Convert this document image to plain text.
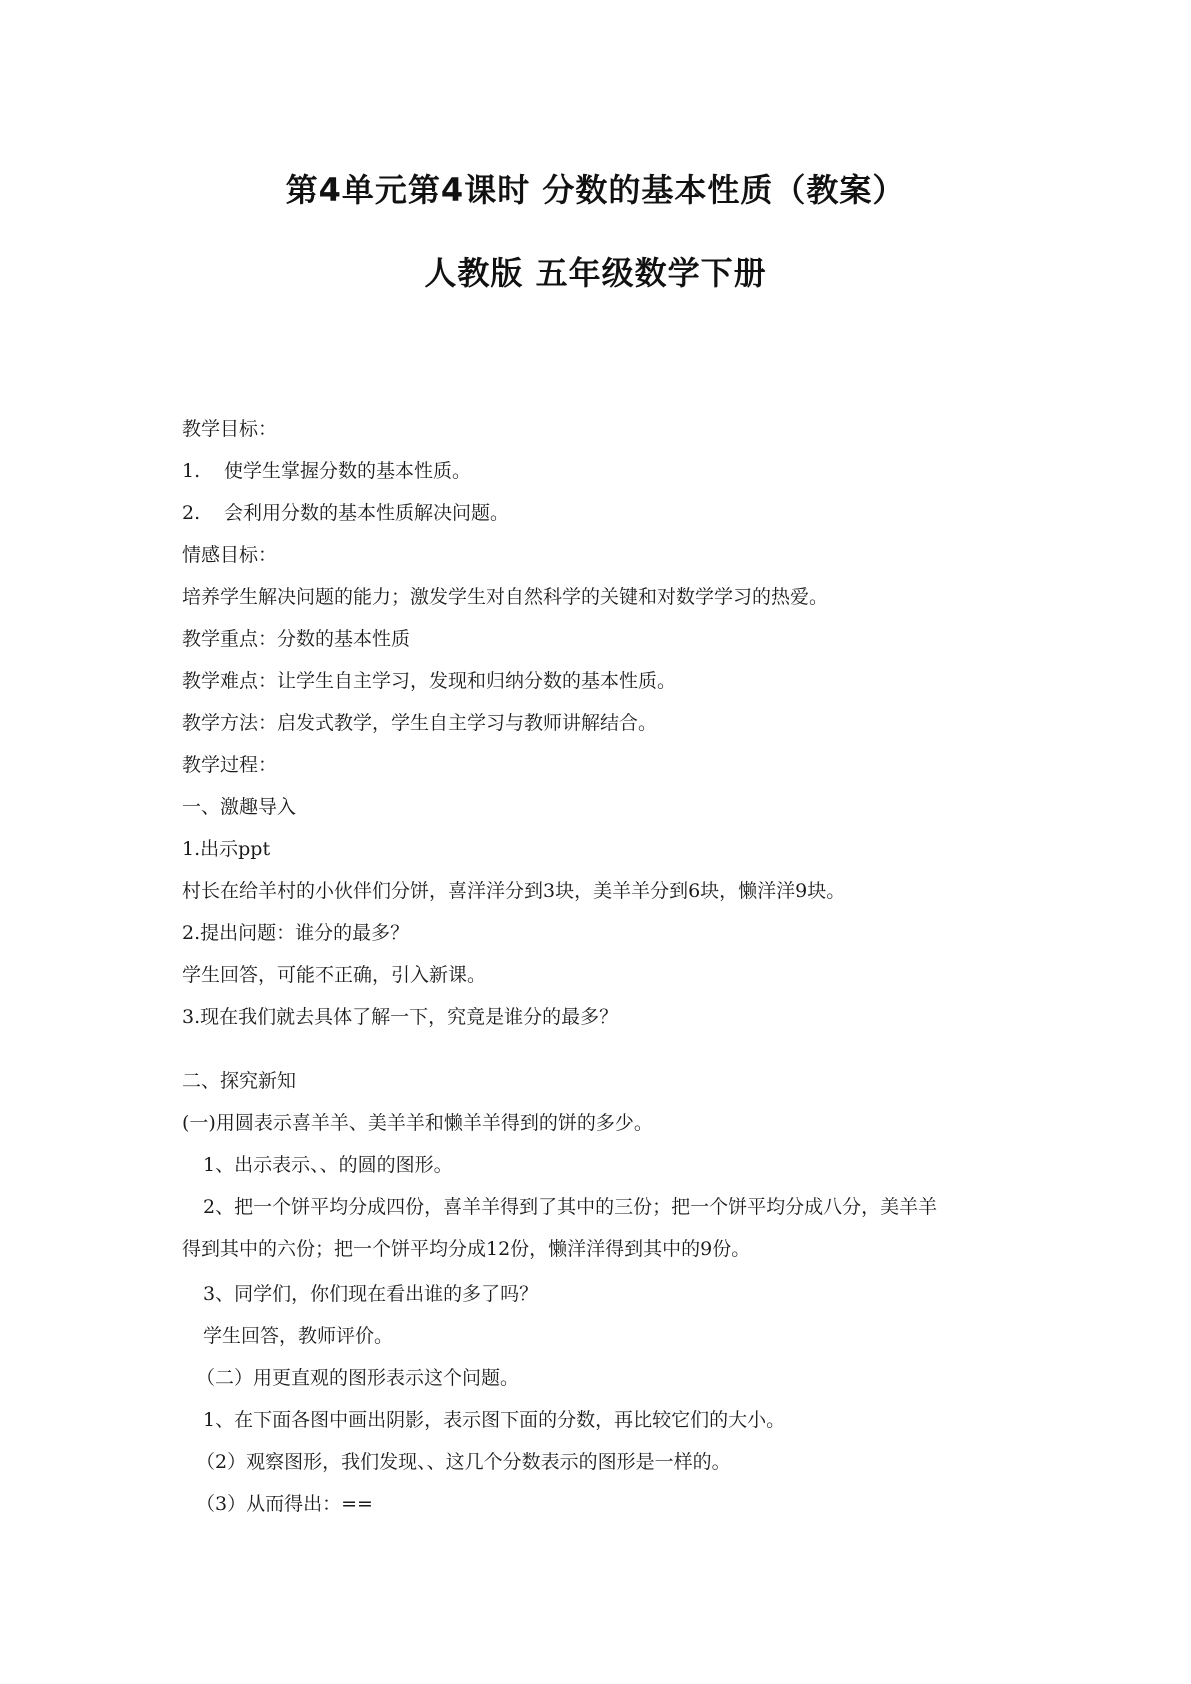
第4单元第4课时 分数的基本性质（教案）
人教版 五年级数学下册

教学目标：

1. 使学生掌握分数的基本性质。

2. 会利用分数的基本性质解决问题。

情感目标：

培养学生解决问题的能力；激发学生对自然科学的关键和对数学学习的热爱。

教学重点：分数的基本性质

教学难点：让学生自主学习，发现和归纳分数的基本性质。

教学方法：启发式教学，学生自主学习与教师讲解结合。

教学过程：

一、激趣导入

1.出示ppt

村长在给羊村的小伙伴们分饼，喜洋洋分到3块，美羊羊分到6块，懒洋洋9块。

2.提出问题：谁分的最多？

学生回答，可能不正确，引入新课。

3.现在我们就去具体了解一下，究竟是谁分的最多？

二、探究新知

(一)用圆表示喜羊羊、美羊羊和懒羊羊得到的饼的多少。

1、出示表示、、的圆的图形。

2、把一个饼平均分成四份，喜羊羊得到了其中的三份；把一个饼平均分成八分，美羊羊

得到其中的六份；把一个饼平均分成12份，懒洋洋得到其中的9份。

3、同学们，你们现在看出谁的多了吗？

学生回答，教师评价。

（二）用更直观的图形表示这个问题。

1、在下面各图中画出阴影，表示图下面的分数，再比较它们的大小。

（2）观察图形，我们发现、、这几个分数表示的图形是一样的。

（3）从而得出：==
